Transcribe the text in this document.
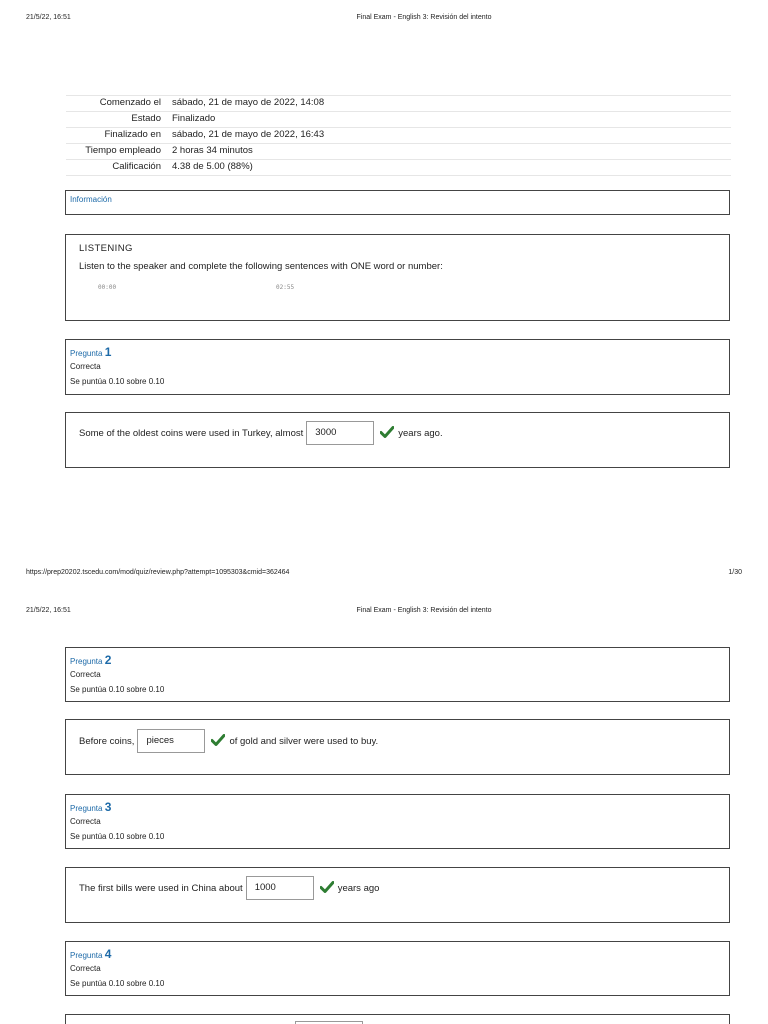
21/5/22, 16:51	Final Exam - English 3: Revisión del intento
Comenzado el	sábado, 21 de mayo de 2022, 14:08
Estado	Finalizado
Finalizado en	sábado, 21 de mayo de 2022, 16:43
Tiempo empleado	2 horas 34 minutos
Calificación	4.38 de 5.00 (88%)
Información
LISTENING
Listen to the speaker and complete the following sentences with ONE word or number:
00:00	02:55
Pregunta 1
Correcta
Se puntúa 0.10 sobre 0.10
Some of the oldest coins were used in Turkey, almost	3000	years ago.
https://prep20202.tscedu.com/mod/quiz/review.php?attempt=1095303&cmid=362464	1/30
21/5/22, 16:51	Final Exam - English 3: Revisión del intento
Pregunta 2
Correcta
Se puntúa 0.10 sobre 0.10
Before coins,	pieces	of gold and silver were used to buy.
Pregunta 3
Correcta
Se puntúa 0.10 sobre 0.10
The first bills were used in China about	1000	years ago
Pregunta 4
Correcta
Se puntúa 0.10 sobre 0.10
